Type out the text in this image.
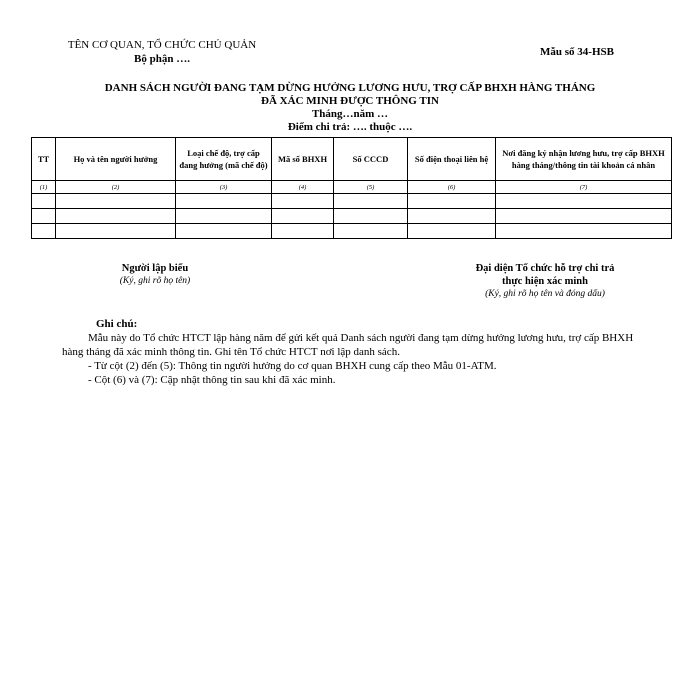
TÊN CƠ QUAN, TỔ CHỨC CHỦ QUẢN
Bộ phận ….
Mẫu số 34-HSB
DANH SÁCH NGƯỜI ĐANG TẠM DỪNG HƯỞNG LƯƠNG HƯU, TRỢ CẤP BHXH HÀNG THÁNG
ĐÃ XÁC MINH ĐƯỢC THÔNG TIN
Tháng…năm …
Điểm chi trả: …. thuộc ….
TT	Họ và tên người hưởng	Loại chế độ, trợ cấp đang hưởng (mã chế độ)	Mã số BHXH	Số CCCD	Số điện thoại liên hệ	Nơi đăng ký nhận lương hưu, trợ cấp BHXH hàng tháng/thông tin tài khoản cá nhân
(1)	(2)	(3)	(4)	(5)	(6)	(7)

Người lập biểu
(Ký, ghi rõ họ tên)
Đại diện Tổ chức hỗ trợ chi trả
thực hiện xác minh
(Ký, ghi rõ họ tên và đóng dấu)

Ghi chú:

Mẫu này do Tổ chức HTCT lập hàng năm để gửi kết quả Danh sách người đang tạm dừng hưởng lương hưu, trợ cấp BHXH hàng tháng đã xác minh thông tin. Ghi tên Tổ chức HTCT nơi lập danh sách.

- Từ cột (2) đến (5): Thông tin người hưởng do cơ quan BHXH cung cấp theo Mẫu 01-ATM.

- Cột (6) và (7): Cập nhật thông tin sau khi đã xác minh.
